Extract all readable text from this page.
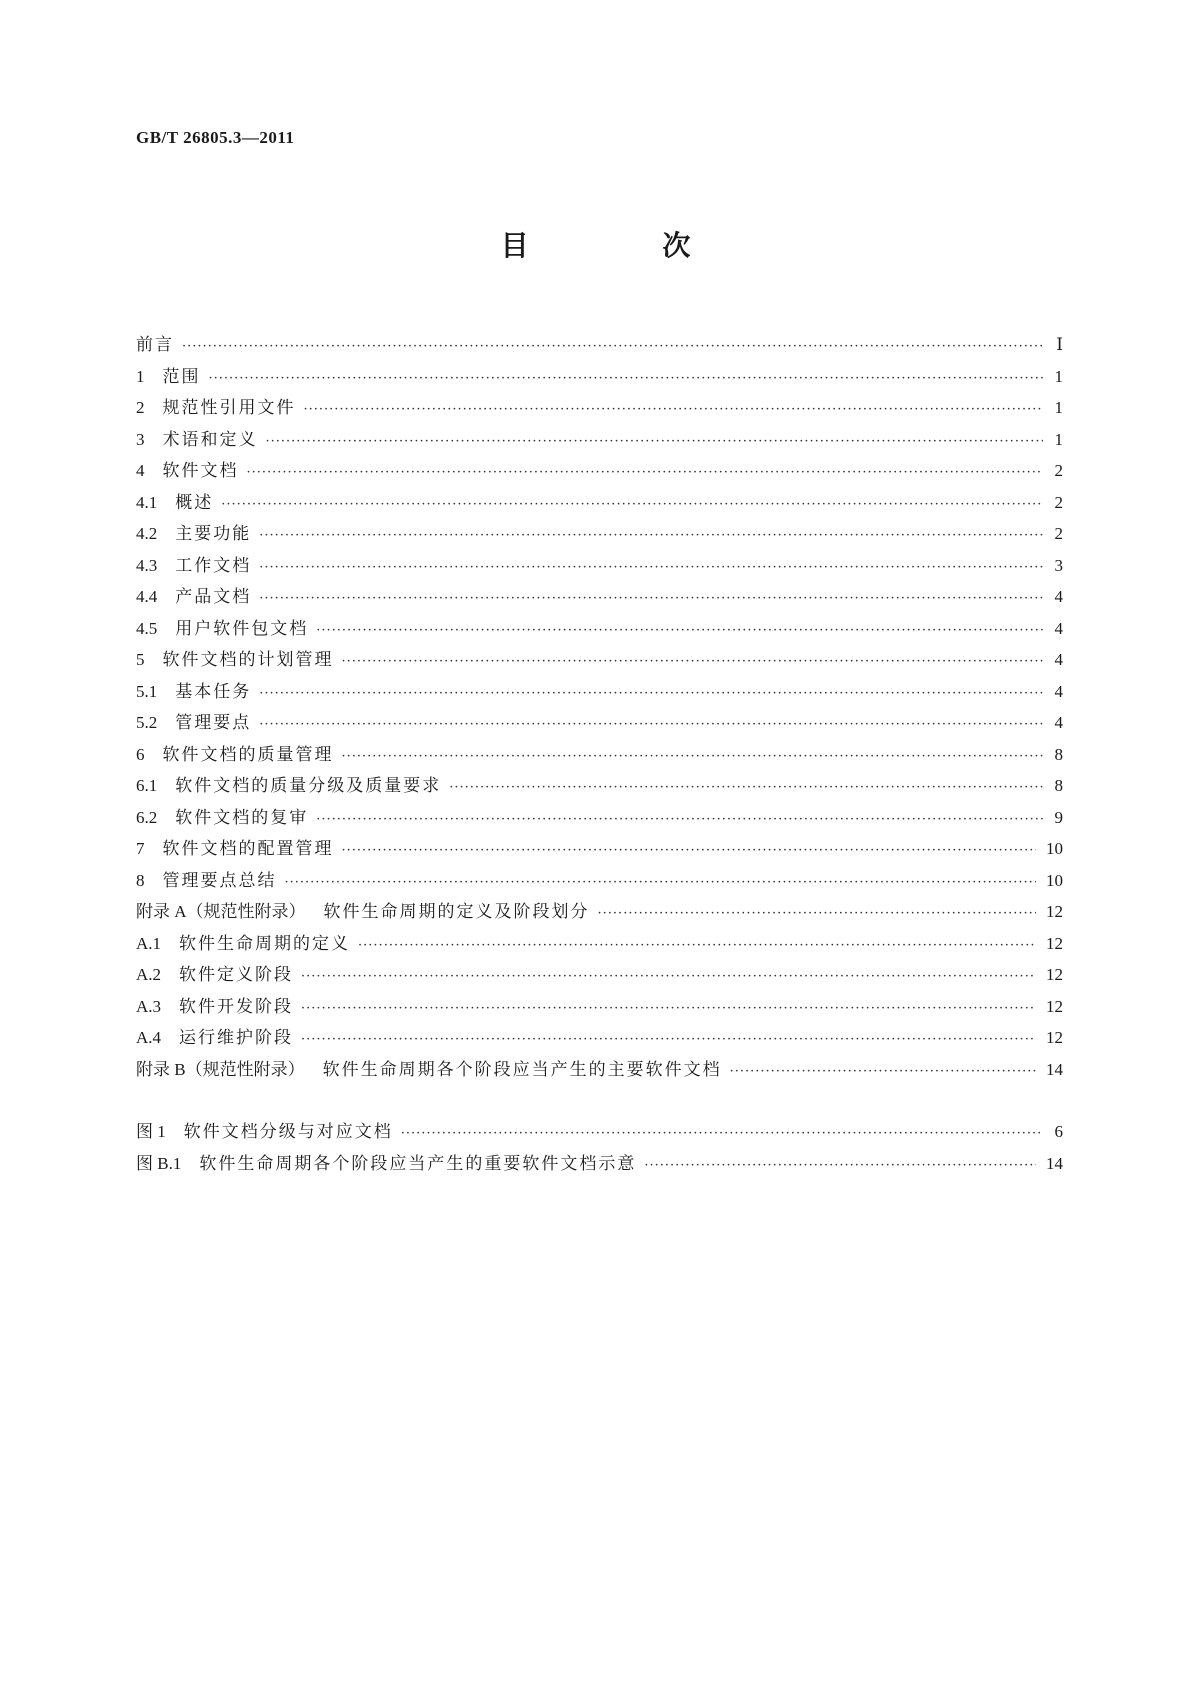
GB/T 26805.3—2011
目 次
前言 ·····	Ⅰ
1 范围 ·····	1
2 规范性引用文件 ·····	1
3 术语和定义 ·····	1
4 软件文档 ·····	2
4.1 概述 ·····	2
4.2 主要功能 ·····	2
4.3 工作文档 ·····	3
4.4 产品文档 ·····	4
4.5 用户软件包文档 ·····	4
5 软件文档的计划管理 ·····	4
5.1 基本任务 ·····	4
5.2 管理要点 ·····	4
6 软件文档的质量管理 ·····	8
6.1 软件文档的质量分级及质量要求 ·····	8
6.2 软件文档的复审 ·····	9
7 软件文档的配置管理 ·····	10
8 管理要点总结 ·····	10
附录 A（规范性附录） 软件生命周期的定义及阶段划分 ·····	12
A.1 软件生命周期的定义 ·····	12
A.2 软件定义阶段 ·····	12
A.3 软件开发阶段 ·····	12
A.4 运行维护阶段 ·····	12
附录 B（规范性附录） 软件生命周期各个阶段应当产生的主要软件文档 ·····	14
图 1 软件文档分级与对应文档 ·····	6
图 B.1 软件生命周期各个阶段应当产生的重要软件文档示意 ·····	14
